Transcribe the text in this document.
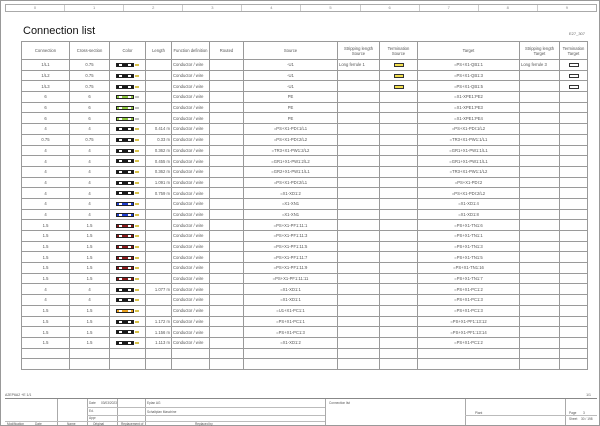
0	1	2	3	4	5	6	7	8	9
Connection list	E27_307
Connection	Cross-section	Color	Length	Function definition	Routed	Source	Stripping length Source	Termination Source	Target	Stripping length Target	Termination Target
1/L1	0.75			Conductor / wire		-U1	Long ferrule 1		=PS+X1-QB1:1	Long ferrule 3	
1/L2	0.75			Conductor / wire		-U1			=PS+X1-QB1:3		
1/L3	0.75			Conductor / wire		-U1			=PS+X1-QB1:5		
6	6			Conductor / wire		PE			=X1-XPE1:PE2		
6	6			Conductor / wire		PE			=X1-XPE1:PE3		
6	6			Conductor / wire		PE			=X1-XPE1:PE4		
4	4		0.414 m	Conductor / wire		=PS+X1-PDI:1/L1			=PS+X1-PDI:1/L2		
0.75	0.75		0.33 m	Conductor / wire		=PS+X1-PDI:2/L2			=TR3+X1-PW1:1/L1		
4	4		0.362 m	Conductor / wire		=TR3+X1-PW1:2/L2			=GR1+X1-PW1:1/L1		
4	4		0.455 m	Conductor / wire		=GR1+X1-PW1:2/L2			=GR1+X1-PW1:1/L1		
4	4		0.362 m	Conductor / wire		=GR2+X1-PW1:1/L1			=TR3+X1-PW1:1/L2		
4	4		1.091 m	Conductor / wire		=PS+X1-PDI:2/L1			=PS+X1-PDI:2		
4	4		0.759 m	Conductor / wire		=X1-XD1:2			=PS+X1-PDI:2/L2		
4	4			Conductor / wire		=X1-XN1			=X1-XD1:4		
4	4			Conductor / wire		=X1-XN1			=X1-XD1:8		
1.5	1.5			Conductor / wire		=PS+X1-PF1:11:1			=PS+X1-TN1:6		
1.5	1.5			Conductor / wire		=PS+X1-PF1:11:3			=PS+X1-TN1:1		
1.5	1.5			Conductor / wire		=PS+X1-PF1:11:5			=PS+X1-TN1:3		
1.5	1.5			Conductor / wire		=PS+X1-PF1:11:7			=PS+X1-TN1:5		
1.5	1.5			Conductor / wire		=PS+X1-PF1:11:9			=PS+X1-TN1:16		
1.5	1.5			Conductor / wire		=PS+X1-PF1:11:11			=PS+X1-TN1:7		
4	4		1.077 m	Conductor / wire		=X1-XD1:1			=PS+X1-PC1:2		
4	4			Conductor / wire		=X1-XD1:1			=PS+X1-PC1:3		
1.5	1.5			Conductor / wire		=U1+X1-PC1:1			=PS+X1-PC1:3		
1.5	1.5		1.172 m	Conductor / wire		=PS+X1-PC1:1			=PS+X1-PF1:13:12		
1.5	1.5		1.156 m	Conductor / wire		=PS+X1-PC1:3			=PS+X1-PF1:13:14		
1.5	1.5		1.113 m	Conductor / wire		=X1-XD1:2			=PS+X1-PC1:2		

A2EP6A2 +E 1/1	1/1
Date 03/03/2023
Ed.
Appr
Eplan AG
Schaltplan Maschine
Connection list
Modification	Date	Name	Original	Replacement of	Replaced by
Plant	Page 3
Sheet 30 / 198
